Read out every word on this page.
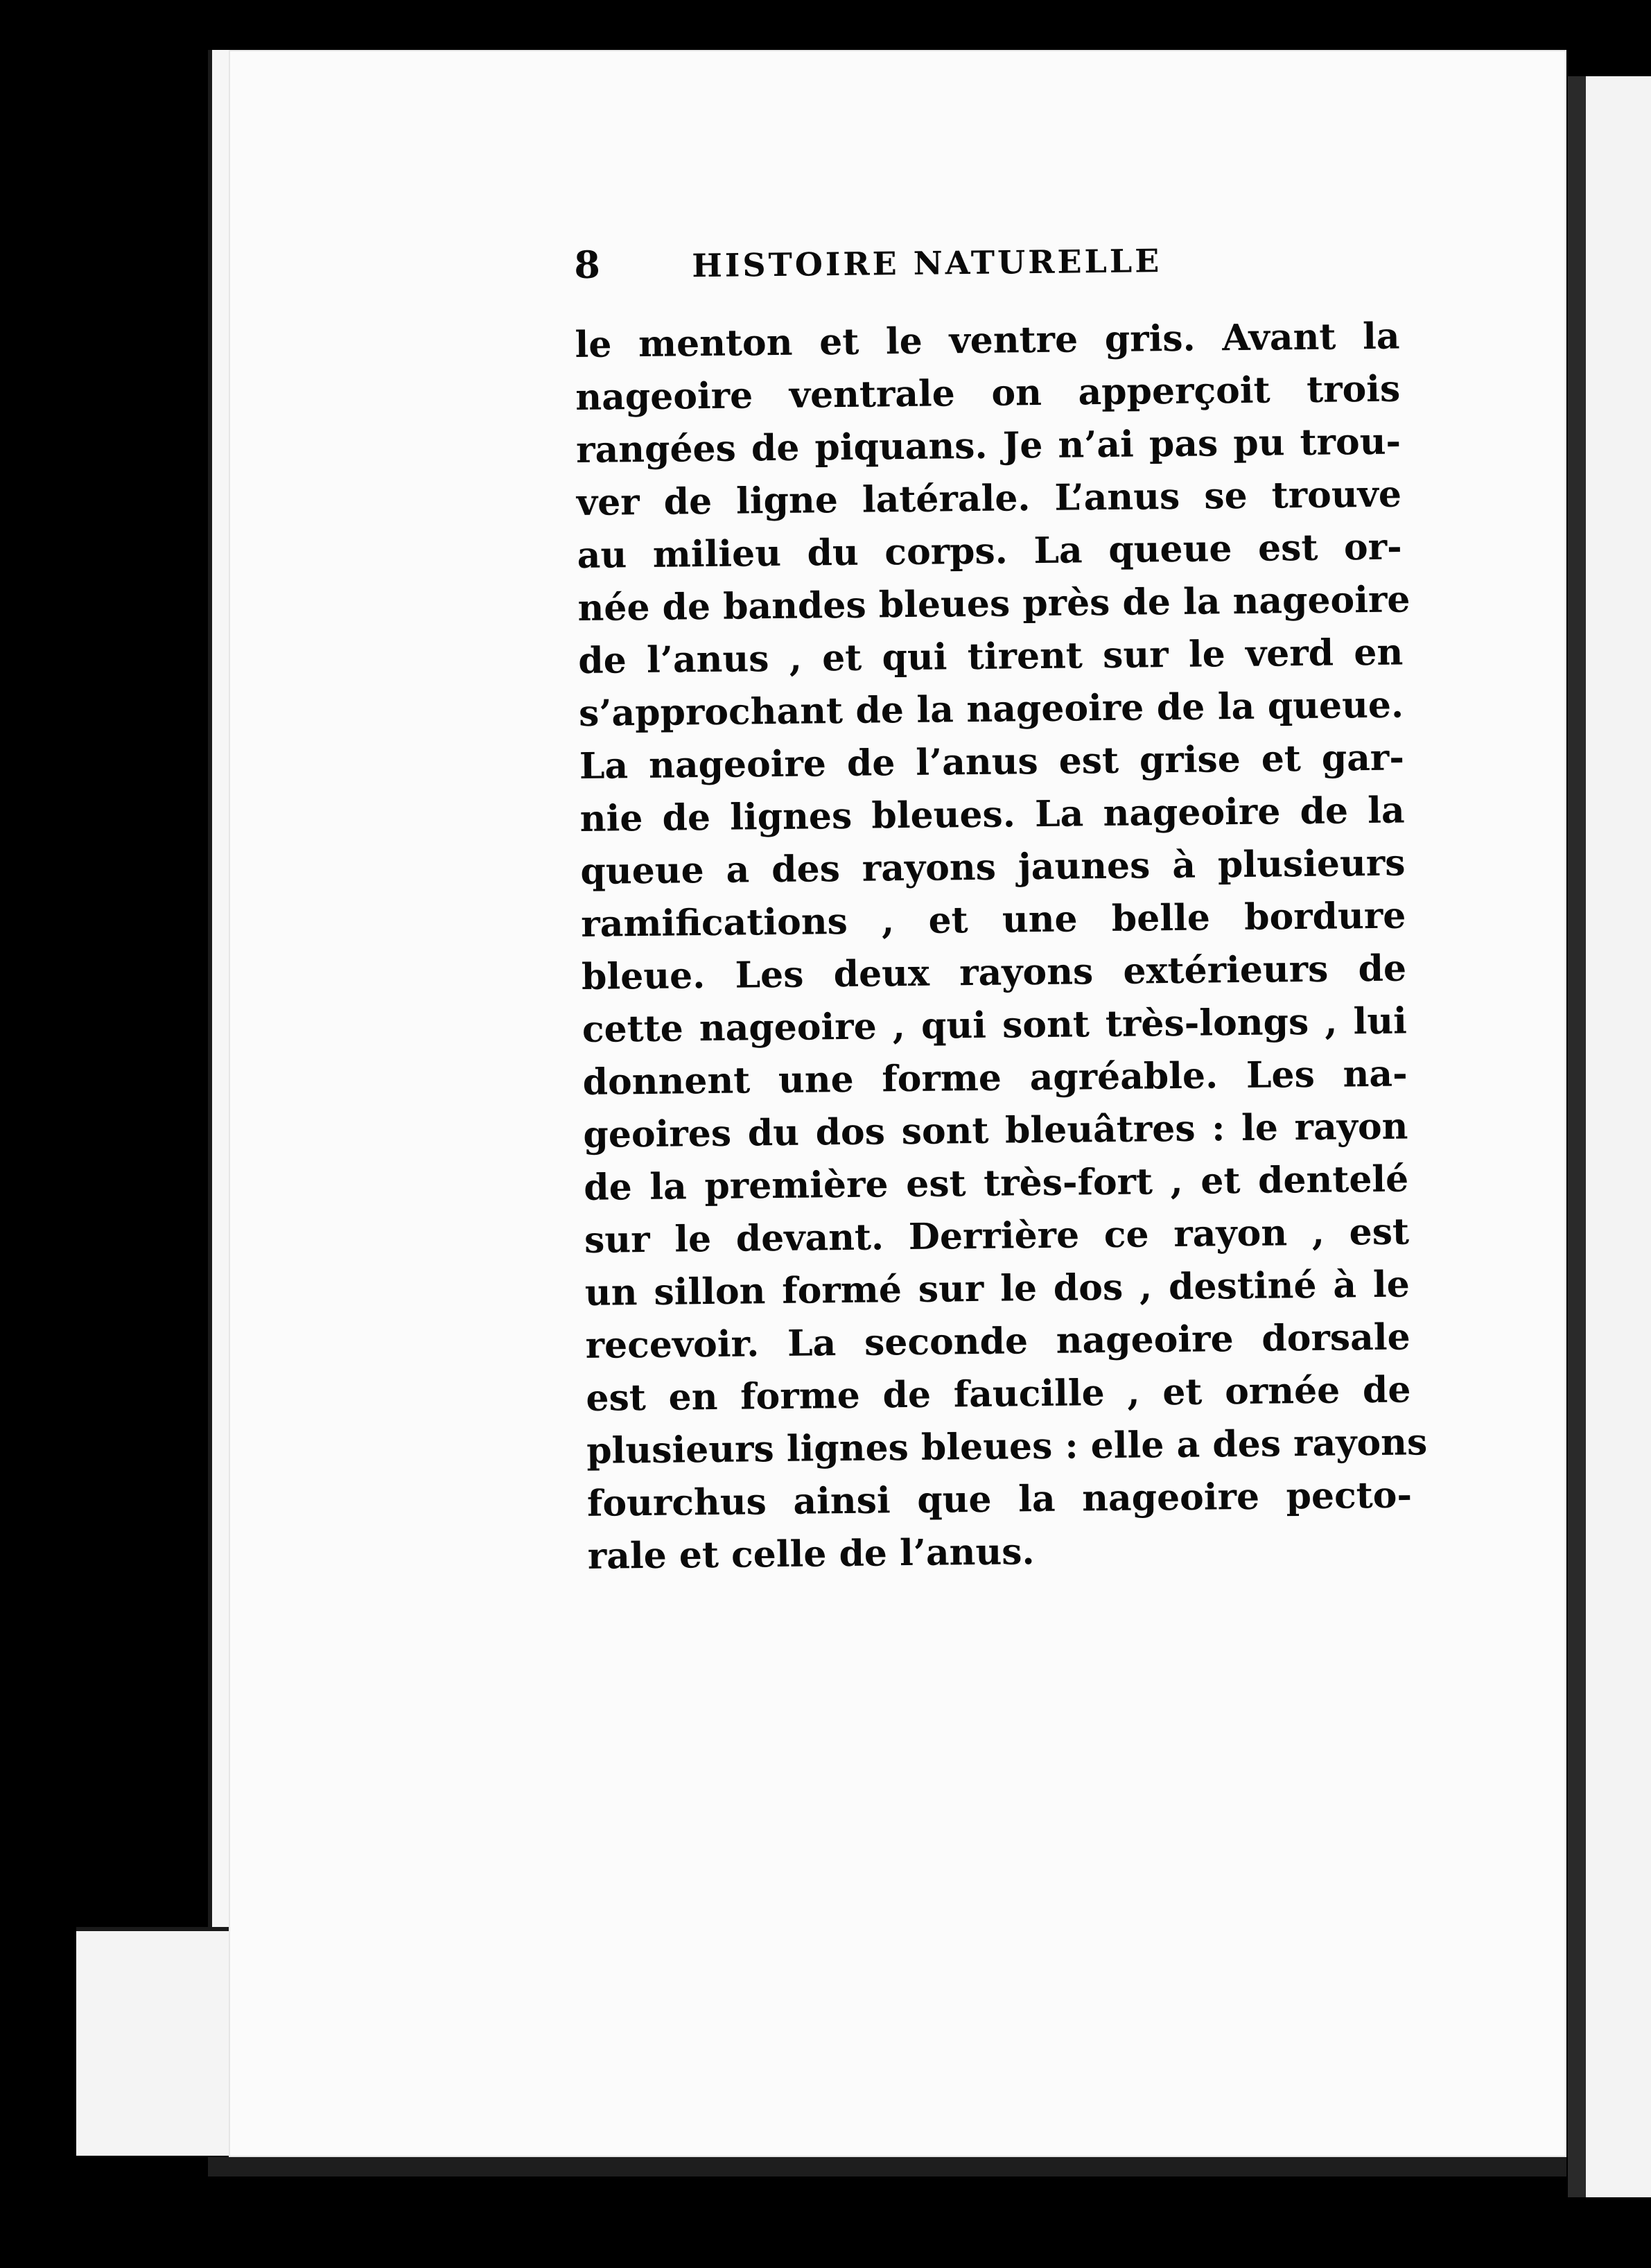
8	HISTOIRE NATURELLE
le menton et le ventre gris. Avant la
nageoire ventrale on apperçoit trois
rangées de piquans. Je n’ai pas pu trou-
ver de ligne latérale. L’anus se trouve
au milieu du corps. La queue est or-
née de bandes bleues près de la nageoire
de l’anus , et qui tirent sur le verd en
s’approchant de la nageoire de la queue.
La nageoire de l’anus est grise et gar-
nie de lignes bleues. La nageoire de la
queue a des rayons jaunes à plusieurs
ramifications , et une belle bordure
bleue. Les deux rayons extérieurs de
cette nageoire , qui sont très-longs , lui
donnent une forme agréable. Les na-
geoires du dos sont bleuâtres : le rayon
de la première est très-fort , et dentelé
sur le devant. Derrière ce rayon , est
un sillon formé sur le dos , destiné à le
recevoir. La seconde nageoire dorsale
est en forme de faucille , et ornée de
plusieurs lignes bleues : elle a des rayons
fourchus ainsi que la nageoire pecto-
rale et celle de l’anus.
